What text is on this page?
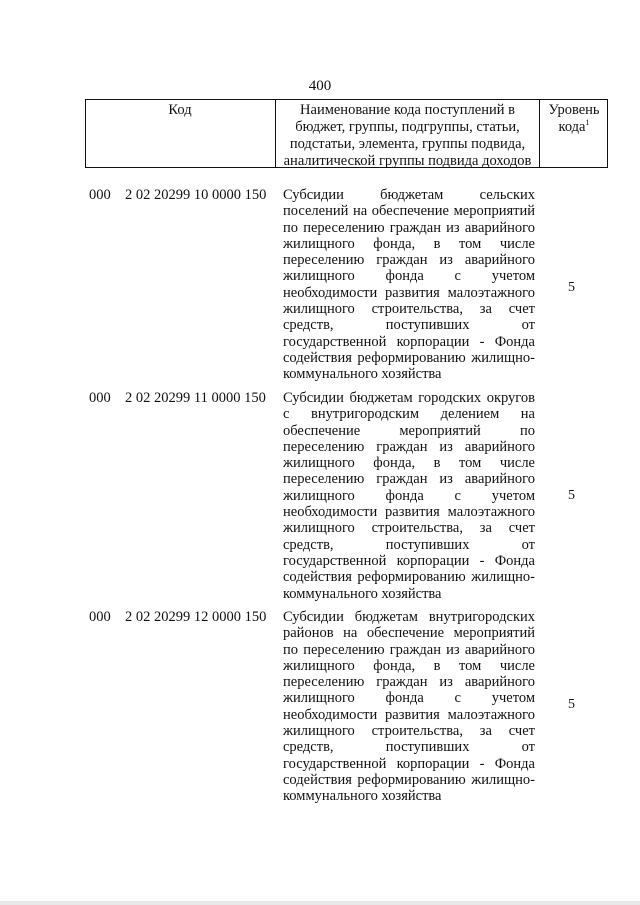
400
Код	Наименование кода поступлений в бюджет, группы, подгруппы, статьи, подстатьи, элемента, группы подвида, аналитической группы подвида доходов
Уровень кода$^1$
000 2 02 20299 10 0000 150 Субсидии бюджетам сельских поселений на обеспечение мероприятий по переселению граждан из аварийного жилищного фонда, в том числе переселению граждан из аварийного жилищного фонда с учетом необходимости развития малоэтажного жилищного строительства, за счет средств, поступивших от государственной корпорации - Фонда содействия реформированию жилищно-коммунального хозяйства
5
000 2 02 20299 11 0000 150 Субсидии бюджетам городских округов с внутригородским делением на обеспечение мероприятий по переселению граждан из аварийного жилищного фонда, в том числе переселению граждан из аварийного жилищного фонда с учетом необходимости развития малоэтажного жилищного строительства, за счет средств, поступивших от государственной корпорации - Фонда содействия реформированию жилищно-коммунального хозяйства
5
000 2 02 20299 12 0000 150 Субсидии бюджетам внутригородских районов на обеспечение мероприятий по переселению граждан из аварийного жилищного фонда, в том числе переселению граждан из аварийного жилищного фонда с учетом необходимости развития малоэтажного жилищного строительства, за счет средств, поступивших от государственной корпорации - Фонда содействия реформированию жилищно-коммунального хозяйства
5
